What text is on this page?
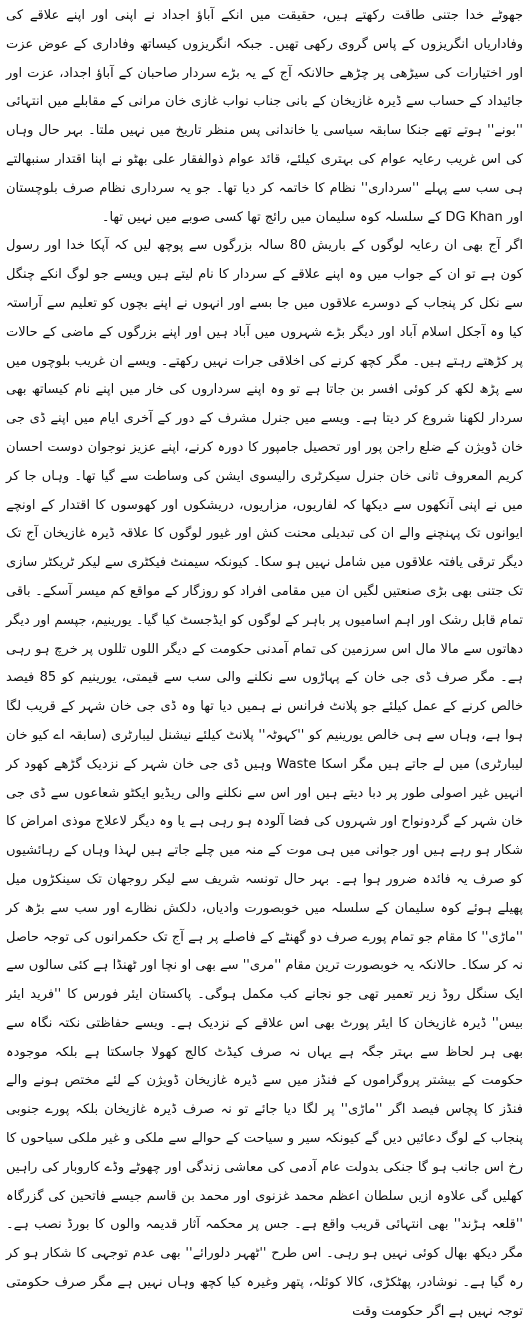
جھوٹے خدا جتنی طاقت رکھتے ہیں، حقیقت میں انکے آباؤ اجداد نے اپنی اور اپنے علاقے کی وفاداریاں انگریزوں کے پاس گروی رکھی تھیں۔ جبکہ انگریزوں کیساتھ وفاداری کے عوض عزت اور اختیارات کی سیڑھی پر چڑھے حالانکہ آج کے یہ بڑے سردار صاحبان کے آباؤ اجداد، عزت اور جائیداد کے حساب سے ڈیرہ غازیخان کے بانی جناب نواب غازی خان مرانی کے مقابلے میں انتہائی ''بونے'' ہوتے تھے جنکا سابقہ سیاسی یا خاندانی پس منظر تاریخ میں نہیں ملتا۔ بہر حال وہاں کی اس غریب رعایہ عوام کی بہتری کیلئے، قائد عوام ذوالفقار علی بھٹو نے اپنا اقتدار سنبھالتے ہی سب سے پہلے ''سرداری'' نظام کا خاتمہ کر دیا تھا۔ جو یہ سرداری نظام صرف بلوچستان اور DG Khan کے سلسلہ کوہ سلیمان میں رائج تھا کسی صوبے میں نہیں تھا۔

اگر آج بھی ان رعایہ لوگوں کے باریش 80 سالہ بزرگوں سے پوچھ لیں کہ آپکا خدا اور رسول کون ہے تو ان کے جواب میں وہ اپنے علاقے کے سردار کا نام لیتے ہیں ویسے جو لوگ انکے چنگل سے نکل کر پنجاب کے دوسرے علاقوں میں جا بسے اور انہوں نے اپنے بچوں کو تعلیم سے آراستہ کیا وہ آجکل اسلام آباد اور دیگر بڑے شہروں میں آباد ہیں اور اپنے بزرگوں کے ماضی کے حالات پر کڑھتے رہتے ہیں۔ مگر کچھ کرنے کی اخلاقی جرات نہیں رکھتے۔ ویسے ان غریب بلوچوں میں سے پڑھ لکھ کر کوئی افسر بن جاتا ہے تو وہ اپنے سرداروں کی خار میں اپنے نام کیساتھ بھی سردار لکھنا شروع کر دیتا ہے۔ ویسے میں جنرل مشرف کے دور کے آخری ایام میں اپنے ڈی جی خان ڈویژن کے ضلع راجن پور اور تحصیل جامپور کا دورہ کرنے، اپنے عزیز نوجوان دوست احسان کریم المعروف ثانی خان جنرل سیکرٹری رالیسوی ایشن کی وساطت سے گیا تھا۔ وہاں جا کر میں نے اپنی آنکھوں سے دیکھا کہ لفاریوں، مزاریوں، دریشکوں اور کھوسوں کا اقتدار کے اونچے ایوانوں تک پہنچنے والے ان کی تبدیلی محنت کش اور غیور لوگوں کا علاقہ ڈیرہ غازیخان آج تک دیگر ترقی یافتہ علاقوں میں شامل نہیں ہو سکا۔ کیونکہ سیمنٹ فیکٹری سے لیکر ٹریکٹر سازی تک جتنی بھی بڑی صنعتیں لگیں ان میں مقامی افراد کو روزگار کے مواقع کم میسر آسکے۔ باقی تمام قابل رشک اور اہم اسامیوں پر باہر کے لوگوں کو ایڈجسٹ کیا گیا۔ یورینیم، جپسم اور دیگر دھاتوں سے مالا مال اس سرزمین کی تمام آمدنی حکومت کے دیگر اللوں تللوں پر خرچ ہو رہی ہے۔ مگر صرف ڈی جی خان کے پہاڑوں سے نکلنے والی سب سے قیمتی، یورینیم کو 85 فیصد خالص کرنے کے عمل کیلئے جو پلانٹ فرانس نے ہمیں دیا تھا وہ ڈی جی خان شہر کے قریب لگا ہوا ہے، وہاں سے ہی خالص یورینیم کو ''کہوٹہ'' پلانٹ کیلئے نیشنل لیبارٹری (سابقہ اے کیو خان لیبارٹری) میں لے جاتے ہیں مگر اسکا Waste وہیں ڈی جی خان شہر کے نزدیک گڑھے کھود کر انہیں غیر اصولی طور پر دبا دیتے ہیں اور اس سے نکلنے والی ریڈیو ایکٹو شعاعوں سے ڈی جی خان شہر کے گردونواح اور شہروں کی فضا آلودہ ہو رہی ہے یا وہ دیگر لاعلاج موذی امراض کا شکار ہو رہے ہیں اور جوانی میں ہی موت کے منہ میں چلے جاتے ہیں لہذا وہاں کے رہائشیوں کو صرف یہ فائدہ ضرور ہوا ہے۔ بہر حال تونسہ شریف سے لیکر روجھان تک سینکڑوں میل پھیلے ہوئے کوہ سلیمان کے سلسلہ میں خوبصورت وادیاں، دلکش نظارے اور سب سے بڑھ کر ''ماڑی'' کا مقام جو تمام پورے صرف دو گھنٹے کے فاصلے پر ہے آج تک حکمرانوں کی توجہ حاصل نہ کر سکا۔ حالانکہ یہ خوبصورت ترین مقام ''مری'' سے بھی او نچا اور ٹھنڈا ہے کئی سالوں سے ایک سنگل روڈ زیر تعمیر تھی جو نجانے کب مکمل ہوگی۔ پاکستان ایئر فورس کا ''فرید ایئر بیس'' ڈیرہ غازیخان کا ایئر پورٹ بھی اس علاقے کے نزدیک ہے۔ ویسے حفاظتی نکتہ نگاہ سے بھی ہر لحاظ سے بہتر جگہ ہے یہاں نہ صرف کیڈٹ کالج کھولا جاسکتا ہے بلکہ موجودہ حکومت کے بیشتر پروگراموں کے فنڈز میں سے ڈیرہ غازیخان ڈویژن کے لئے مختص ہونے والے فنڈز کا پچاس فیصد اگر ''ماڑی'' پر لگا دیا جائے تو نہ صرف ڈیرہ غازیخان بلکہ پورے جنوبی پنجاب کے لوگ دعائیں دیں گے کیونکہ سیر و سیاحت کے حوالے سے ملکی و غیر ملکی سیاحوں کا رخ اس جانب ہو گا جنکی بدولت عام آدمی کی معاشی زندگی اور چھوٹے وڈے کاروبار کی راہیں کھلیں گی علاوہ ازیں سلطان اعظم محمد غزنوی اور محمد بن قاسم جیسے فاتحین کی گزرگاہ ''قلعہ ہڑند'' بھی انتہائی قریب واقع ہے۔ جس پر محکمہ آثار قدیمہ والوں کا بورڈ نصب ہے۔ مگر دیکھ بھال کوئی نہیں ہو رہی۔ اس طرح ''ٹھہر دلورائے'' بھی عدم توجہی کا شکار ہو کر رہ گیا ہے۔ نوشادر، پھٹکڑی، کالا کوئلہ، پتھر وغیرہ کیا کچھ وہاں نہیں ہے مگر صرف حکومتی توجہ نہیں ہے اگر حکومت وقت
